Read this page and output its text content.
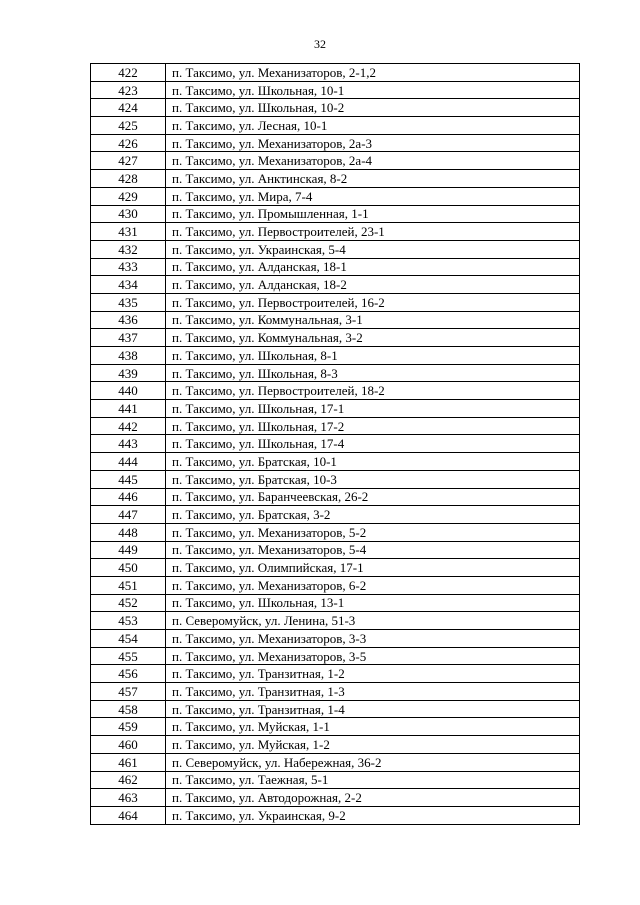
32
422	п. Таксимо, ул. Механизаторов, 2-1,2
423	п. Таксимо, ул. Школьная, 10-1
424	п. Таксимо, ул. Школьная, 10-2
425	п. Таксимо, ул. Лесная, 10-1
426	п. Таксимо, ул. Механизаторов, 2а-3
427	п. Таксимо, ул. Механизаторов, 2а-4
428	п. Таксимо, ул. Анктинская, 8-2
429	п. Таксимо, ул. Мира, 7-4
430	п. Таксимо, ул. Промышленная, 1-1
431	п. Таксимо, ул. Первостроителей, 23-1
432	п. Таксимо, ул. Украинская, 5-4
433	п. Таксимо, ул. Алданская, 18-1
434	п. Таксимо, ул. Алданская, 18-2
435	п. Таксимо, ул. Первостроителей, 16-2
436	п. Таксимо, ул. Коммунальная, 3-1
437	п. Таксимо, ул. Коммунальная, 3-2
438	п. Таксимо, ул. Школьная, 8-1
439	п. Таксимо, ул. Школьная, 8-3
440	п. Таксимо, ул. Первостроителей, 18-2
441	п. Таксимо, ул. Школьная, 17-1
442	п. Таксимо, ул. Школьная, 17-2
443	п. Таксимо, ул. Школьная, 17-4
444	п. Таксимо, ул. Братская, 10-1
445	п. Таксимо, ул. Братская, 10-3
446	п. Таксимо, ул. Баранчеевская, 26-2
447	п. Таксимо, ул. Братская, 3-2
448	п. Таксимо, ул. Механизаторов, 5-2
449	п. Таксимо, ул. Механизаторов, 5-4
450	п. Таксимо, ул. Олимпийская, 17-1
451	п. Таксимо, ул. Механизаторов, 6-2
452	п. Таксимо, ул. Школьная, 13-1
453	п. Северомуйск, ул. Ленина, 51-3
454	п. Таксимо, ул. Механизаторов, 3-3
455	п. Таксимо, ул. Механизаторов, 3-5
456	п. Таксимо, ул. Транзитная, 1-2
457	п. Таксимо, ул. Транзитная, 1-3
458	п. Таксимо, ул. Транзитная, 1-4
459	п. Таксимо, ул. Муйская, 1-1
460	п. Таксимо, ул. Муйская, 1-2
461	п. Северомуйск, ул. Набережная, 36-2
462	п. Таксимо, ул. Таежная, 5-1
463	п. Таксимо, ул. Автодорожная, 2-2
464	п. Таксимо, ул. Украинская, 9-2
